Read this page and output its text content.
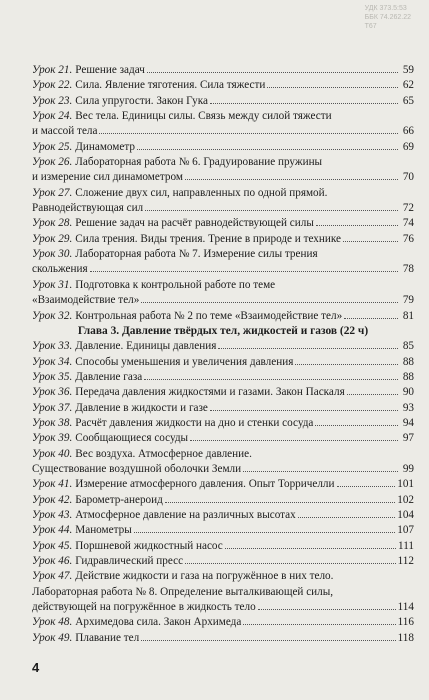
УДК 373.5:53
ББК 74.262.22
Т67
Урок 21. Решение задач	59
Урок 22. Сила. Явление тяготения. Сила тяжести	62
Урок 23. Сила упругости. Закон Гука	65
Урок 24. Вес тела. Единицы силы. Связь между силой тяжести
и массой тела	66
Урок 25. Динамометр	69
Урок 26. Лабораторная работа № 6. Градуирование пружины
и измерение сил динамометром	70
Урок 27. Сложение двух сил, направленных по одной прямой.
Равнодействующая сил	72
Урок 28. Решение задач на расчёт равнодействующей силы	74
Урок 29. Сила трения. Виды трения. Трение в природе и технике	76
Урок 30. Лабораторная работа № 7. Измерение силы трения
скольжения	78
Урок 31. Подготовка к контрольной работе по теме
«Взаимодействие тел»	79
Урок 32. Контрольная работа № 2 по теме «Взаимодействие тел»	81
Глава 3. Давление твёрдых тел, жидкостей и газов (22 ч)
Урок 33. Давление. Единицы давления	85
Урок 34. Способы уменьшения и увеличения давления	88
Урок 35. Давление газа	88
Урок 36. Передача давления жидкостями и газами. Закон Паскаля	90
Урок 37. Давление в жидкости и газе	93
Урок 38. Расчёт давления жидкости на дно и стенки сосуда	94
Урок 39. Сообщающиеся сосуды	97
Урок 40. Вес воздуха. Атмосферное давление.
Существование воздушной оболочки Земли	99
Урок 41. Измерение атмосферного давления. Опыт Торричелли	101
Урок 42. Барометр-анероид	102
Урок 43. Атмосферное давление на различных высотах	104
Урок 44. Манометры	107
Урок 45. Поршневой жидкостный насос	111
Урок 46. Гидравлический пресс	112
Урок 47. Действие жидкости и газа на погружённое в них тело.
Лабораторная работа № 8. Определение выталкивающей силы,
действующей на погружённое в жидкость тело	114
Урок 48. Архимедова сила. Закон Архимеда	116
Урок 49. Плавание тел	118
4
